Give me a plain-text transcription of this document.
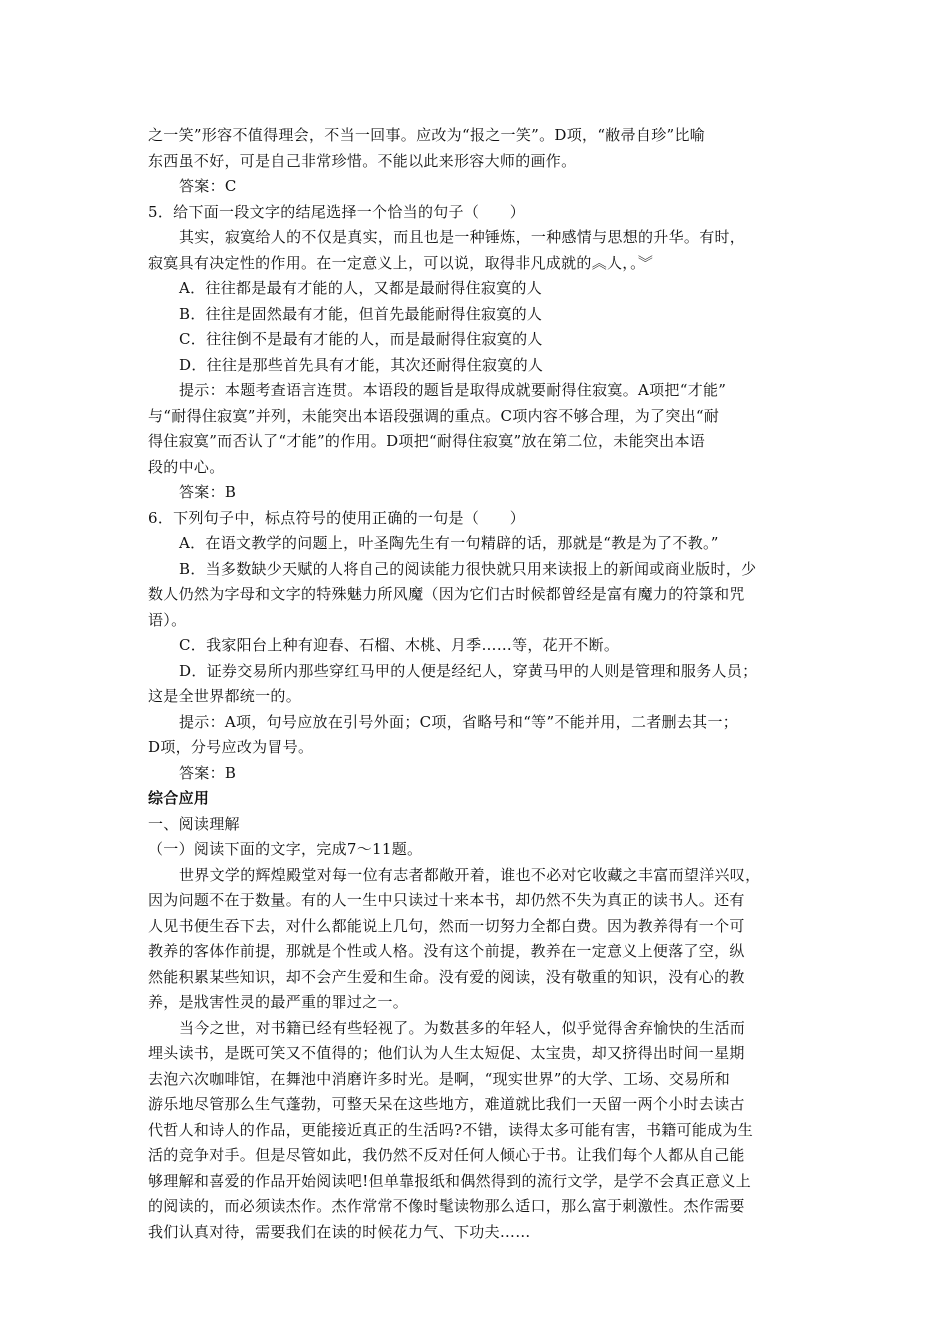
之一笑”形容不值得理会，不当一回事。应改为“报之一笑”。D项，“敝帚自珍”比喻

东西虽不好，可是自己非常珍惜。不能以此来形容大师的画作。

答案：C

5．给下面一段文字的结尾选择一个恰当的句子（　　）

其实，寂寞给人的不仅是真实，而且也是一种锤炼，一种感情与思想的升华。有时，

寂寞具有决定性的作用。在一定意义上，可以说，取得非凡成就的︽人，。︾

A．往往都是最有才能的人，又都是最耐得住寂寞的人

B．往往是固然最有才能，但首先最能耐得住寂寞的人

C．往往倒不是最有才能的人，而是最耐得住寂寞的人

D．往往是那些首先具有才能，其次还耐得住寂寞的人

提示：本题考查语言连贯。本语段的题旨是取得成就要耐得住寂寞。A项把“才能”

与“耐得住寂寞”并列，未能突出本语段强调的重点。C项内容不够合理，为了突出“耐

得住寂寞”而否认了“才能”的作用。D项把“耐得住寂寞”放在第二位，未能突出本语

段的中心。

答案：B

6．下列句子中，标点符号的使用正确的一句是（　　）

A．在语文教学的问题上，叶圣陶先生有一句精辟的话，那就是“教是为了不教。”

B．当多数缺少天赋的人将自己的阅读能力很快就只用来读报上的新闻或商业版时，少

数人仍然为字母和文字的特殊魅力所风魔（因为它们古时候都曾经是富有魔力的符箓和咒

语）。

C．我家阳台上种有迎春、石榴、木桃、月季……等，花开不断。

D．证券交易所内那些穿红马甲的人便是经纪人，穿黄马甲的人则是管理和服务人员；

这是全世界都统一的。

提示：A项，句号应放在引号外面；C项，省略号和“等”不能并用，二者删去其一；

D项，分号应改为冒号。

答案：B

综合应用

一、阅读理解

（一）阅读下面的文字，完成7～11题。

世界文学的辉煌殿堂对每一位有志者都敞开着，谁也不必对它收藏之丰富而望洋兴叹，

因为问题不在于数量。有的人一生中只读过十来本书，却仍然不失为真正的读书人。还有

人见书便生吞下去，对什么都能说上几句，然而一切努力全都白费。因为教养得有一个可

教养的客体作前提，那就是个性或人格。没有这个前提，教养在一定意义上便落了空，纵

然能积累某些知识，却不会产生爱和生命。没有爱的阅读，没有敬重的知识，没有心的教

养，是戕害性灵的最严重的罪过之一。

当今之世，对书籍已经有些轻视了。为数甚多的年轻人，似乎觉得舍弃愉快的生活而

埋头读书，是既可笑又不值得的；他们认为人生太短促、太宝贵，却又挤得出时间一星期

去泡六次咖啡馆，在舞池中消磨许多时光。是啊，“现实世界”的大学、工场、交易所和

游乐地尽管那么生气蓬勃，可整天呆在这些地方，难道就比我们一天留一两个小时去读古

代哲人和诗人的作品，更能接近真正的生活吗?不错，读得太多可能有害，书籍可能成为生

活的竞争对手。但是尽管如此，我仍然不反对任何人倾心于书。让我们每个人都从自己能

够理解和喜爱的作品开始阅读吧!但单靠报纸和偶然得到的流行文学，是学不会真正意义上

的阅读的，而必须读杰作。杰作常常不像时髦读物那么适口，那么富于刺激性。杰作需要

我们认真对待，需要我们在读的时候花力气、下功夫……
